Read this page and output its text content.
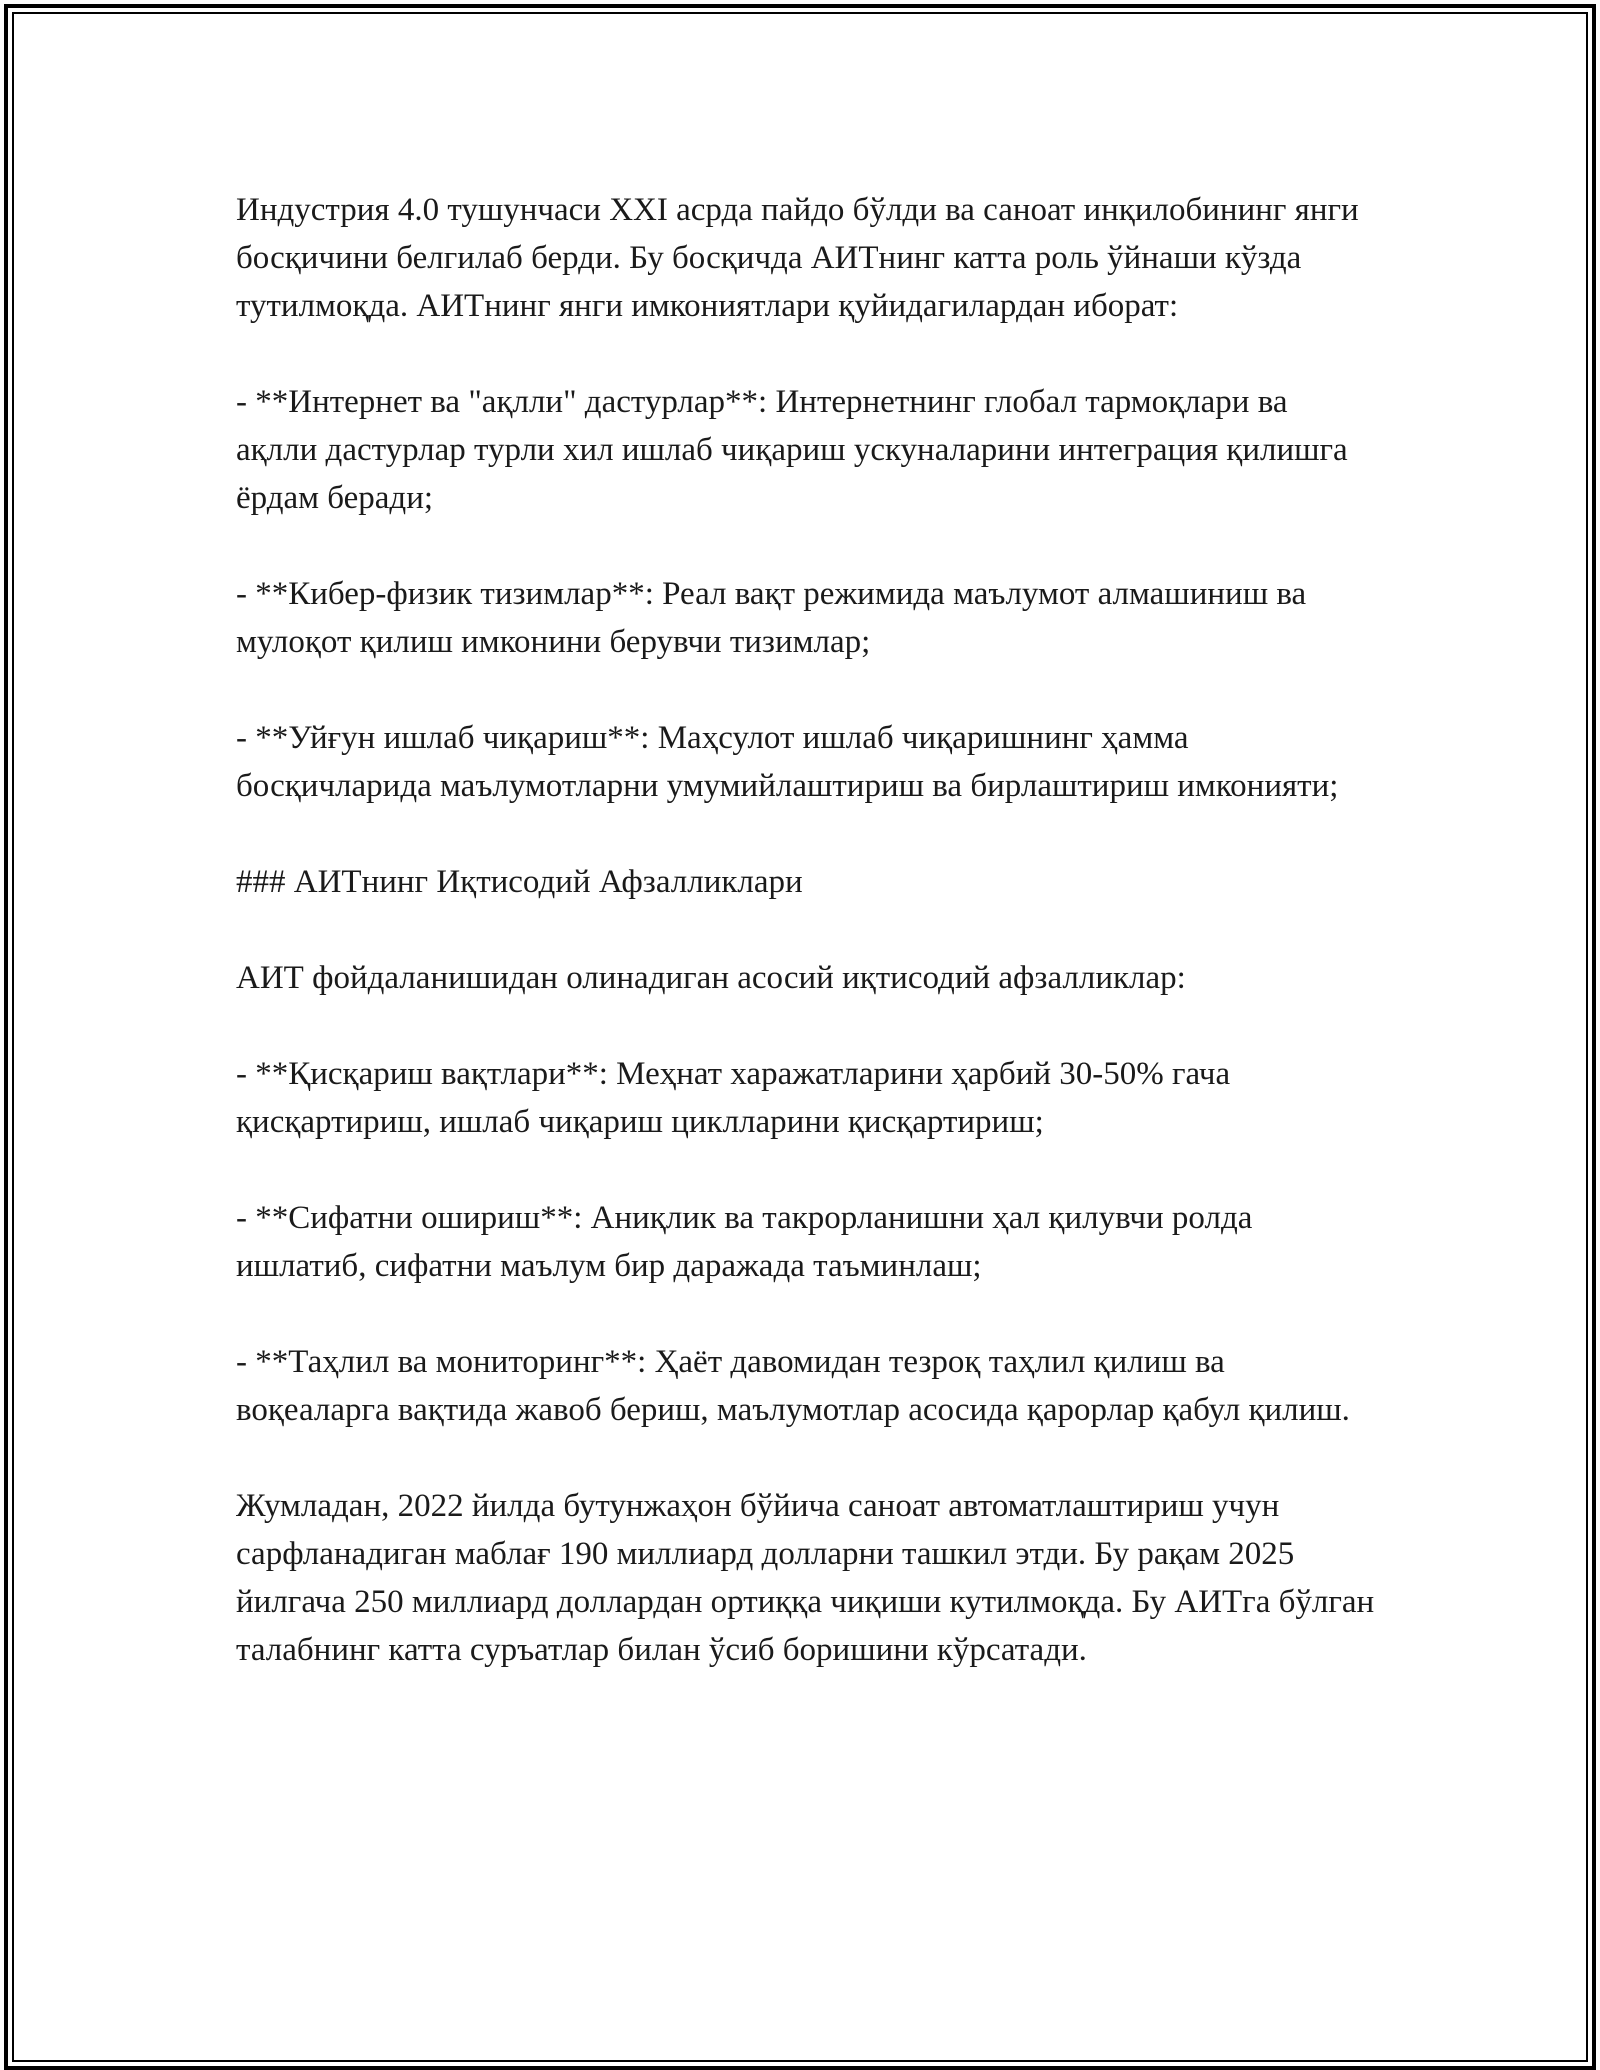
Индустрия 4.0 тушунчаси XXI асрда пайдо бўлди ва саноат инқилобининг янги босқичини белгилаб берди. Бу босқичда АИТнинг катта роль ўйнаши кўзда тутилмоқда. АИТнинг янги имкониятлари қуйидагилардан иборат:

- **Интернет ва "ақлли" дастурлар**: Интернетнинг глобал тармоқлари ва ақлли дастурлар турли хил ишлаб чиқариш ускуналарини интеграция қилишга ёрдам беради;

- **Кибер-физик тизимлар**: Реал вақт режимида маълумот алмашиниш ва мулоқот қилиш имконини берувчи тизимлар;

- **Уйғун ишлаб чиқариш**: Маҳсулот ишлаб чиқаришнинг ҳамма босқичларида маълумотларни умумийлаштириш ва бирлаштириш имконияти;

### АИТнинг Иқтисодий Афзалликлари

АИТ фойдаланишидан олинадиган асосий иқтисодий афзалликлар:

- **Қисқариш вақтлари**: Меҳнат харажатларини ҳарбий 30-50% гача қисқартириш, ишлаб чиқариш циклларини қисқартириш;

- **Сифатни ошириш**: Аниқлик ва такрорланишни ҳал қилувчи ролда ишлатиб, сифатни маълум бир даражада таъминлаш;

- **Таҳлил ва мониторинг**: Ҳаёт давомидан тезроқ таҳлил қилиш ва воқеаларга вақтида жавоб бериш, маълумотлар асосида қарорлар қабул қилиш.

Жумладан, 2022 йилда бутунжаҳон бўйича саноат автоматлаштириш учун сарфланадиган маблағ 190 миллиард долларни ташкил этди. Бу рақам 2025 йилгача 250 миллиард доллардан ортиққа чиқиши кутилмоқда. Бу АИТга бўлган талабнинг катта суръатлар билан ўсиб боришини кўрсатади.
